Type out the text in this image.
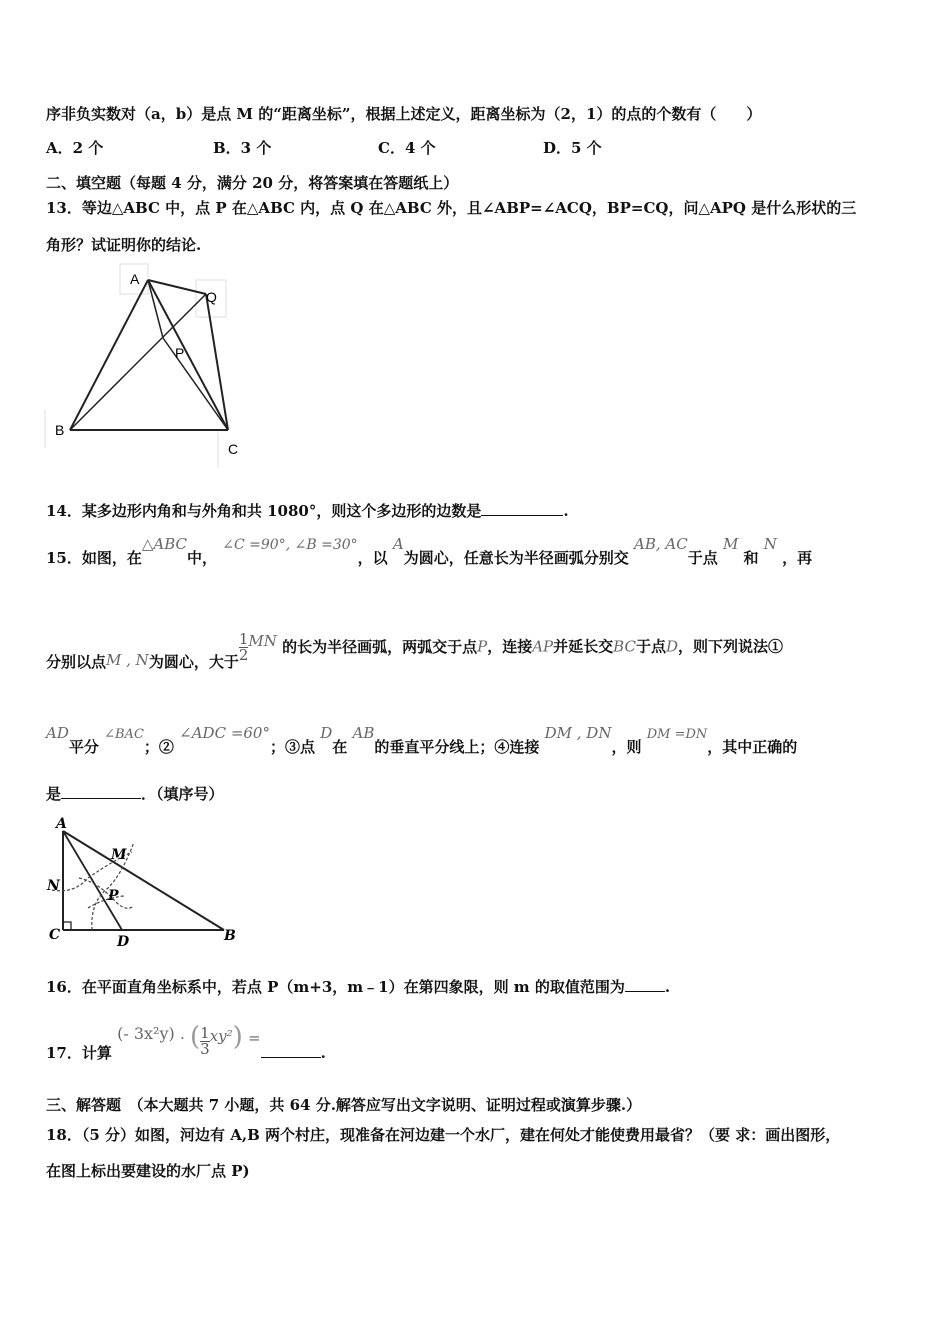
序非负实数对（a，b）是点 M 的“距离坐标”，根据上述定义，距离坐标为（2，1）的点的个数有（　　）
A．2 个	B．3 个	C．4 个	D．5 个
二、填空题（每题 4 分，满分 20 分，将答案填在答题纸上）
13．等边△ABC 中，点 P 在△ABC 内，点 Q 在△ABC 外，且∠ABP=∠ACQ，BP=CQ，问△APQ 是什么形状的三
角形？试证明你的结论.
A
Q
P
B
C
14．某多边形内角和与外角和共 1080°，则这个多边形的边数是	.
15．如图，在△ABC中， ∠C =90°, ∠B =30°，以 A为圆心，任意长为半径画弧分别交 AB, AC于点 M 和 N ，再
分别以点M , N为圆心，大于 $\frac{1}{2}$ MN 的长为半径画弧，两弧交于点P，连接AP并延长交BC于点D，则下列说法①
AD平分 ∠BAC；② ∠ADC =60°；③点 D在 AB的垂直平分线上；④连接 DM , DN，则 DM =DN，其中正确的
是	．（填序号）
A
M
N
P
C	D	B
16．在平面直角坐标系中，若点 P（m+3，m﹣1）在第四象限，则 m 的取值范围为	.
17．计算 (- 3x²y) · ( $\frac{1}{3} xy^2$) =.
三、解答题　（本大题共 7 小题，共 64 分.解答应写出文字说明、证明过程或演算步骤.）
18．（5 分）如图，河边有 A,B 两个村庄，现准备在河边建一个水厂，建在何处才能使费用最省？（要 求：画出图形，
在图上标出要建设的水厂点 P)
